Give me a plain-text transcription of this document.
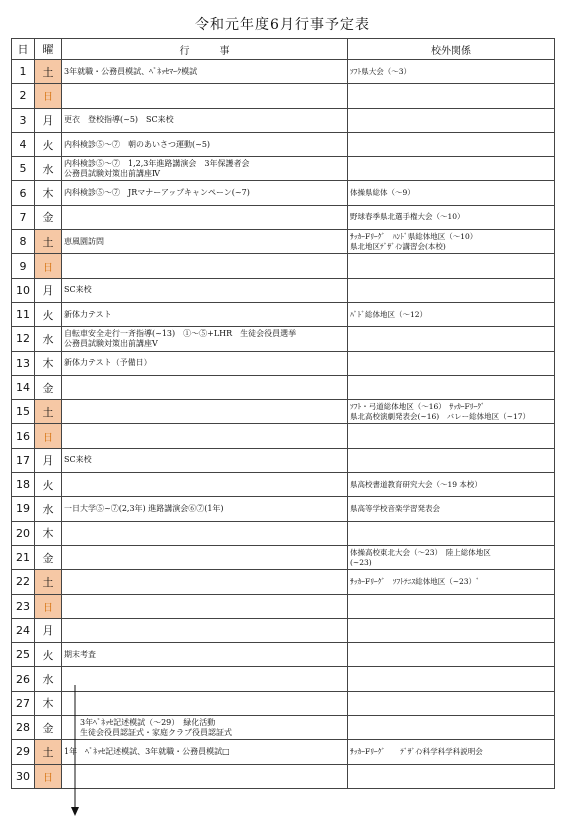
令和元年度6月行事予定表
日	曜	行　　　事	校外関係
1	土	3年就職・公務員模試、ﾍﾞﾈｯｾﾏｰｸ模試	ｿﾌﾄ県大会（～3）
2	日		
3	月	更衣　登校指導(~5)　SC来校	
4	火	内科検診⑤～⑦　朝のあいさつ運動(~5)	
5	水	内科検診⑤～⑦　1,2,3年進路講演会　3年保護者会
公務員試験対策出前講座Ⅳ	
6	木	内科検診⑤～⑦　JRマナーアップキャンペーン(~7)	体操県総体（～9）
7	金		野球春季県北選手権大会（～10）
8	土	恵風園訪問	ｻｯｶｰFﾘｰｸﾞ　ﾊﾝﾄﾞ県総体地区（～10）
県北地区ﾃﾞｻﾞｲﾝ講習会(本校)
9	日		
10	月	SC来校	
11	火	新体力テスト	ﾊﾞﾄﾞ総体地区（～12）
12	水	自転車安全走行一斉指導(~13)　①～⑤+LHR　生徒会役員選挙
公務員試験対策出前講座Ⅴ	
13	木	新体力テスト（予備日）	
14	金		
15	土		ｿﾌﾄ・弓道総体地区（～16）　ｻｯｶｰFﾘｰｸﾞ
県北高校演劇発表会(~16)　バレー総体地区（~17）
16	日		
17	月	SC来校	
18	火		県高校書道教育研究大会（～19 本校）
19	水	一日大学⑤~⑦(2,3年) 進路講演会⑥⑦(1年)	県高等学校音楽学習発表会
20	木		
21	金		体操高校東北大会（～23）　陸上総体地区
(~23)
22	土		ｻｯｶｰFﾘｰｸﾞ　ｿﾌﾄﾃﾆｽ総体地区（~23）ﾞ
23	日		
24	月		
25	火	期末考査	
26	水		
27	木		
28	金	　　3年ﾍﾞﾈｯｾ記述模試（～29）　緑化活動
　　生徒会役員認証式・家庭クラブ役員認証式	
29	土	1年　ﾍﾞﾈｯｾ記述模試、3年就職・公務員模試□	ｻｯｶｰFﾘｰｸﾞ　　ﾃﾞｻﾞｲﾝ科学科学科説明会
30	日		
